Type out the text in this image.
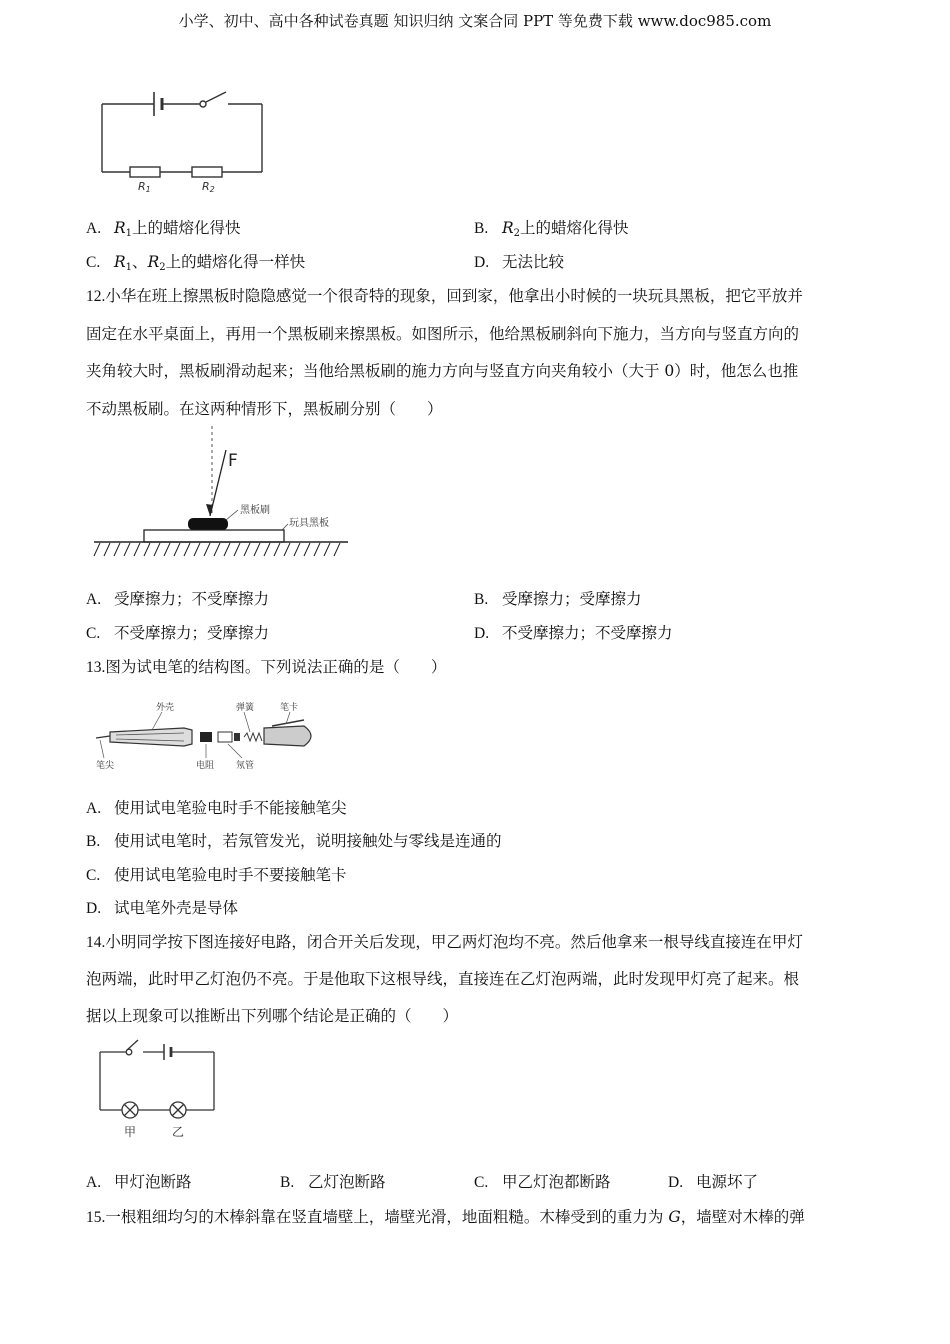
小学、初中、高中各种试卷真题 知识归纳 文案合同 PPT 等免费下载 www.doc985.com
R1	R2
A. $R_1$上的蜡熔化得快	B. $R_2$上的蜡熔化得快
C. $R_1$、$R_2$上的蜡熔化得一样快	D. 无法比较
12.小华在班上擦黑板时隐隐感觉一个很奇特的现象，回到家，他拿出小时候的一块玩具黑板，把它平放并
固定在水平桌面上，再用一个黑板刷来擦黑板。如图所示，他给黑板刷斜向下施力，当方向与竖直方向的
夹角较大时，黑板刷滑动起来；当他给黑板刷的施力方向与竖直方向夹角较小（大于 0）时，他怎么也推
不动黑板刷。在这两种情形下，黑板刷分别（　　）
F
黑板刷
玩具黑板
A. 受摩擦力；不受摩擦力	B. 受摩擦力；受摩擦力
C. 不受摩擦力；受摩擦力	D. 不受摩擦力；不受摩擦力
13.图为试电笔的结构图。下列说法正确的是（　　）
外壳	弹簧	笔卡
笔尖	电阻 氖管
A. 使用试电笔验电时手不能接触笔尖
B. 使用试电笔时，若氖管发光，说明接触处与零线是连通的
C. 使用试电笔验电时手不要接触笔卡
D. 试电笔外壳是导体
14.小明同学按下图连接好电路，闭合开关后发现，甲乙两灯泡均不亮。然后他拿来一根导线直接连在甲灯
泡两端，此时甲乙灯泡仍不亮。于是他取下这根导线，直接连在乙灯泡两端，此时发现甲灯亮了起来。根
据以上现象可以推断出下列哪个结论是正确的（　　）
甲	乙
A. 甲灯泡断路	B. 乙灯泡断路	C. 甲乙灯泡都断路	D. 电源坏了
15.一根粗细均匀的木棒斜靠在竖直墙壁上，墙壁光滑，地面粗糙。木棒受到的重力为 G，墙壁对木棒的弹
